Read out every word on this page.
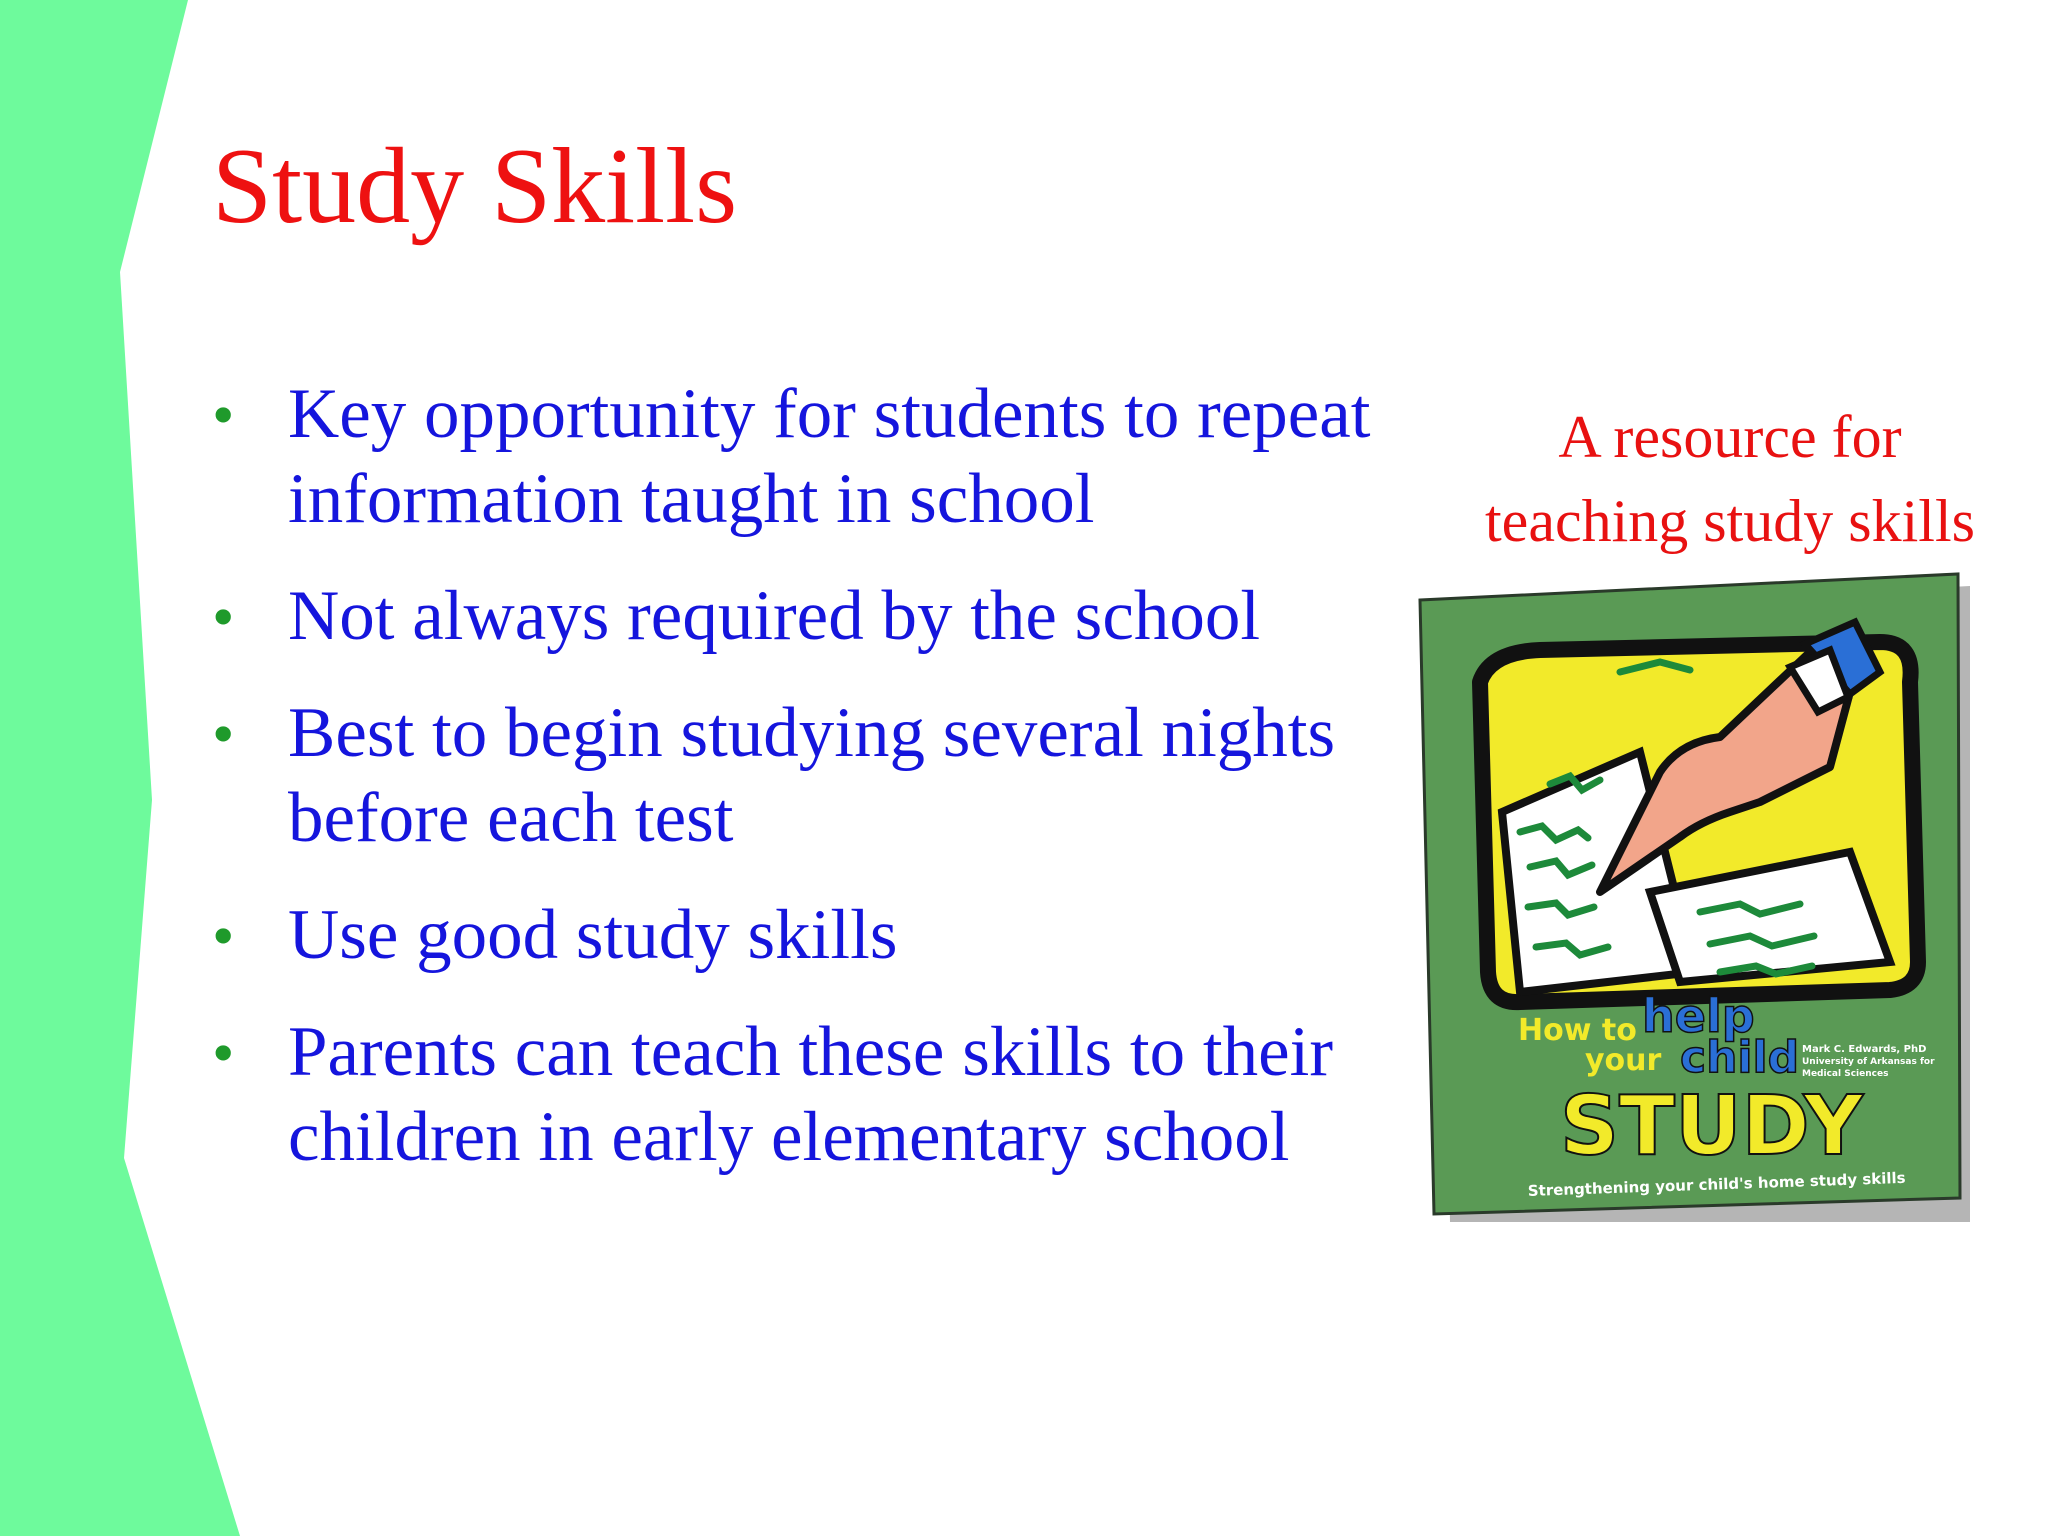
Study Skills
• Key opportunity for students to repeat information taught in school
• Not always required by the school
• Best to begin studying several nights before each test
• Use good study skills
• Parents can teach these skills to their children in early elementary school
A resource for
teaching study skills
How to help
your child Mark C. Edwards, PhD
University of Arkansas for
Medical Sciences
STUDY
Strengthening your child's home study skills
